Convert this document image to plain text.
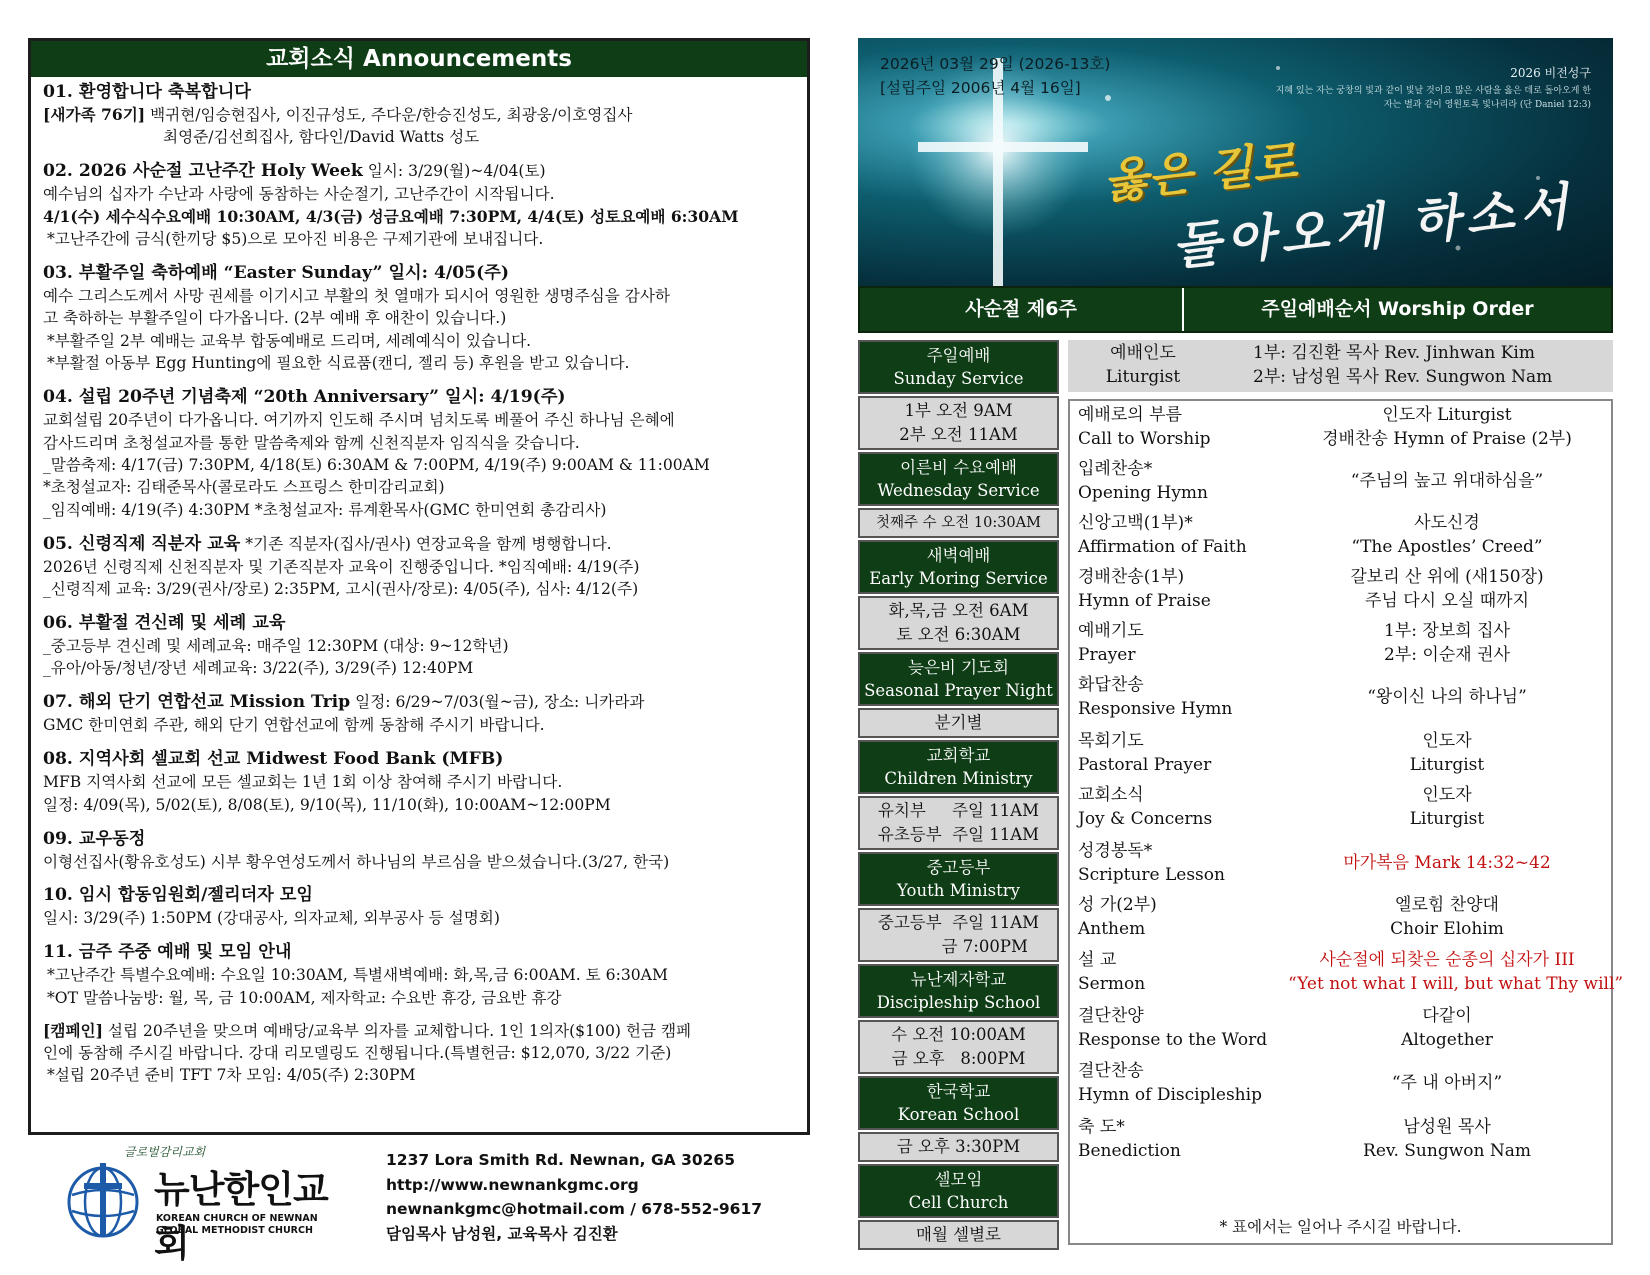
교회소식 Announcements
01. 환영합니다 축복합니다
[새가족 76기] 백귀현/임승현집사, 이진규성도, 주다운/한승진성도, 최광웅/이호영집사
최영준/김선희집사, 함다인/David Watts 성도
02. 2026 사순절 고난주간 Holy Week 일시: 3/29(월)~4/04(토)
예수님의 십자가 수난과 사랑에 동참하는 사순절기, 고난주간이 시작됩니다.
4/1(수) 세수식수요예배 10:30AM, 4/3(금) 성금요예배 7:30PM, 4/4(토) 성토요예배 6:30AM
*고난주간에 금식(한끼당 $5)으로 모아진 비용은 구제기관에 보내집니다.
03. 부활주일 축하예배 “Easter Sunday” 일시: 4/05(주)
예수 그리스도께서 사망 권세를 이기시고 부활의 첫 열매가 되시어 영원한 생명주심을 감사하
고 축하하는 부활주일이 다가옵니다. (2부 예배 후 애찬이 있습니다.)
*부활주일 2부 예배는 교육부 합동예배로 드리며, 세례예식이 있습니다.
*부활절 아동부 Egg Hunting에 필요한 식료품(캔디, 젤리 등) 후원을 받고 있습니다.
04. 설립 20주년 기념축제 “20th Anniversary” 일시: 4/19(주)
교회설립 20주년이 다가옵니다. 여기까지 인도해 주시며 넘치도록 베풀어 주신 하나님 은혜에
감사드리며 초청설교자를 통한 말씀축제와 함께 신천직분자 임직식을 갖습니다.
_말씀축제: 4/17(금) 7:30PM, 4/18(토) 6:30AM & 7:00PM, 4/19(주) 9:00AM & 11:00AM
*초청설교자: 김태준목사(콜로라도 스프링스 한미감리교회)
_임직예배: 4/19(주) 4:30PM *초청설교자: 류계환목사(GMC 한미연회 총감리사)
05. 신령직제 직분자 교육 *기존 직분자(집사/권사) 연장교육을 함께 병행합니다.
2026년 신령직제 신천직분자 및 기존직분자 교육이 진행중입니다. *임직예배: 4/19(주)
_신령직제 교육: 3/29(권사/장로) 2:35PM, 고시(권사/장로): 4/05(주), 심사: 4/12(주)
06. 부활절 견신례 및 세례 교육
_중고등부 견신례 및 세례교육: 매주일 12:30PM (대상: 9~12학년)
_유아/아동/청년/장년 세례교육: 3/22(주), 3/29(주) 12:40PM
07. 해외 단기 연합선교 Mission Trip 일정: 6/29~7/03(월~금), 장소: 니카라과
GMC 한미연회 주관, 해외 단기 연합선교에 함께 동참해 주시기 바랍니다.
08. 지역사회 셀교회 선교 Midwest Food Bank (MFB)
MFB 지역사회 선교에 모든 셀교회는 1년 1회 이상 참여해 주시기 바랍니다.
일정: 4/09(목), 5/02(토), 8/08(토), 9/10(목), 11/10(화), 10:00AM~12:00PM
09. 교우동정
이형선집사(황유호성도) 시부 황우연성도께서 하나님의 부르심을 받으셨습니다.(3/27, 한국)
10. 임시 합동임원회/젤리더자 모임
일시: 3/29(주) 1:50PM (강대공사, 의자교체, 외부공사 등 설명회)
11. 금주 주중 예배 및 모임 안내
*고난주간 특별수요예배: 수요일 10:30AM, 특별새벽예배: 화,목,금 6:00AM. 토 6:30AM
*OT 말씀나눔방: 월, 목, 금 10:00AM, 제자학교: 수요반 휴강, 금요반 휴강
[캠페인] 설립 20주년을 맞으며 예배당/교육부 의자를 교체합니다. 1인 1의자($100) 헌금 캠페
인에 동참해 주시길 바랍니다. 강대 리모델링도 진행됩니다.(특별헌금: $12,070, 3/22 기준)
*설립 20주년 준비 TFT 7차 모임: 4/05(주) 2:30PM
글로벌감리교회
뉴난한인교회
KOREAN CHURCH OF NEWNAN
GLOBAL METHODIST CHURCH
1237 Lora Smith Rd. Newnan, GA 30265
http://www.newnankgmc.org
newnankgmc@hotmail.com / 678-552-9617
담임목사 남성원, 교육목사 김진환
2026년 03월 29일 (2026-13호)
[설립주일 2006년 4월 16일]
2026 비전성구
지혜 있는 자는 궁창의 빛과 같이 빛날 것이요 많은 사람을 옳은 데로 돌아오게 한 자는 별과 같이 영원토록 빛나리라 (단 Daniel 12:3)
옳은 길로
돌아오게 하소서
사순절 제6주	주일예배순서 Worship Order
주일예배
Sunday Service
1부 오전 9AM
2부 오전 11AM
이른비 수요예배
Wednesday Service
첫째주 수 오전 10:30AM
새벽예배
Early Moring Service
화,목,금 오전 6AM
토 오전 6:30AM
늦은비 기도회
Seasonal Prayer Night
분기별
교회학교
Children Ministry
유치부     주일 11AM
유초등부  주일 11AM
중고등부
Youth Ministry
중고등부  주일 11AM
금 7:00PM
뉴난제자학교
Discipleship School
수 오전 10:00AM
금 오후   8:00PM
한국학교
Korean School
금 오후 3:30PM
셀모임
Cell Church
매월 셀별로
예배인도
Liturgist
1부: 김진환 목사 Rev. Jinhwan Kim
2부: 남성원 목사 Rev. Sungwon Nam
예배로의 부름
Call to Worship
인도자 Liturgist
경배찬송 Hymn of Praise (2부)
입례찬송*
Opening Hymn
“주님의 높고 위대하심을”
신앙고백(1부)*
Affirmation of Faith
사도신경
“The Apostles’ Creed”
경배찬송(1부)
Hymn of Praise
갈보리 산 위에 (새150장)
주님 다시 오실 때까지
예배기도
Prayer
1부: 장보희 집사
2부: 이순재 권사
화답찬송
Responsive Hymn
“왕이신 나의 하나님”
목회기도
Pastoral Prayer
인도자
Liturgist
교회소식
Joy & Concerns
인도자
Liturgist
성경봉독*
Scripture Lesson
마가복음 Mark 14:32~42
성 가(2부)
Anthem
엘로힘 찬양대
Choir Elohim
설 교
Sermon
사순절에 되찾은 순종의 십자가 III
“Yet not what I will, but what Thy will”
결단찬양
Response to the Word
다같이
Altogether
결단찬송
Hymn of Discipleship
“주 내 아버지”
축 도*
Benediction
남성원 목사
Rev. Sungwon Nam
* 표에서는 일어나 주시길 바랍니다.
